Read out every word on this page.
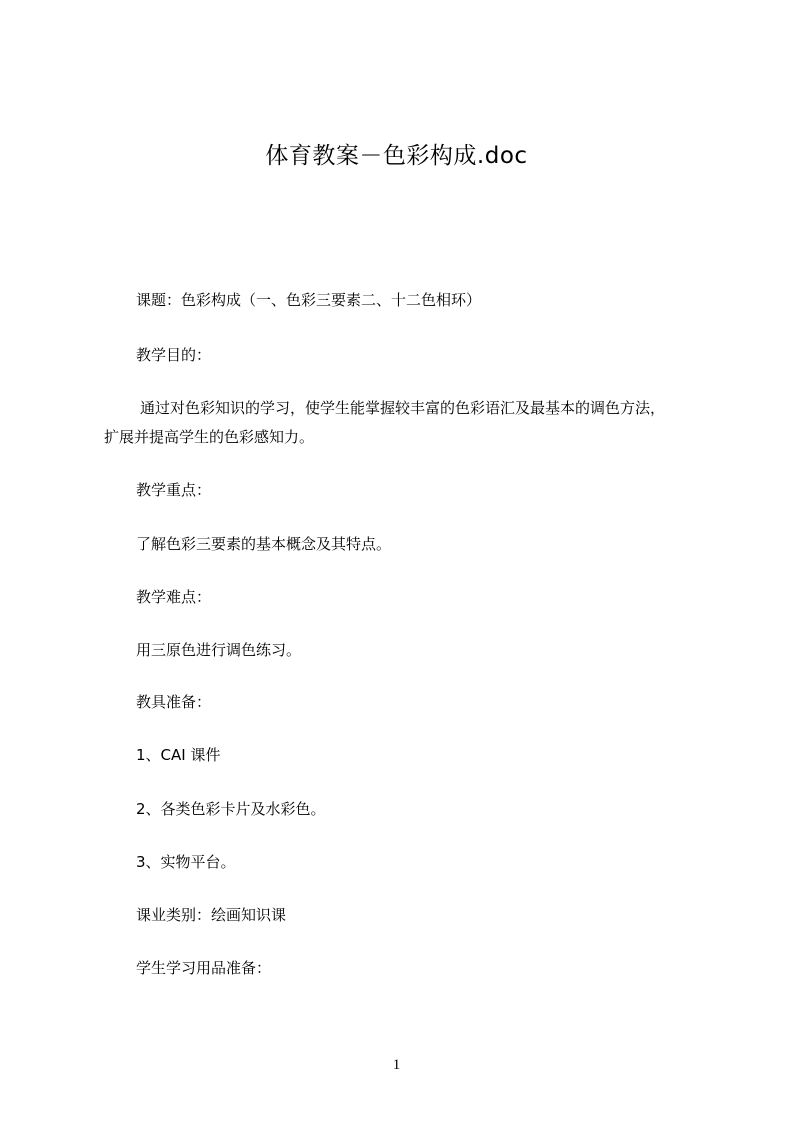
体育教案－色彩构成.doc
课题：色彩构成（一、色彩三要素二、十二色相环）
教学目的：
通过对色彩知识的学习，使学生能掌握较丰富的色彩语汇及最基本的调色方法，
扩展并提高学生的色彩感知力。
教学重点：
了解色彩三要素的基本概念及其特点。
教学难点：
用三原色进行调色练习。
教具准备：
1、CAI 课件
2、各类色彩卡片及水彩色。
3、实物平台。
课业类别：绘画知识课
学生学习用品准备：
1
